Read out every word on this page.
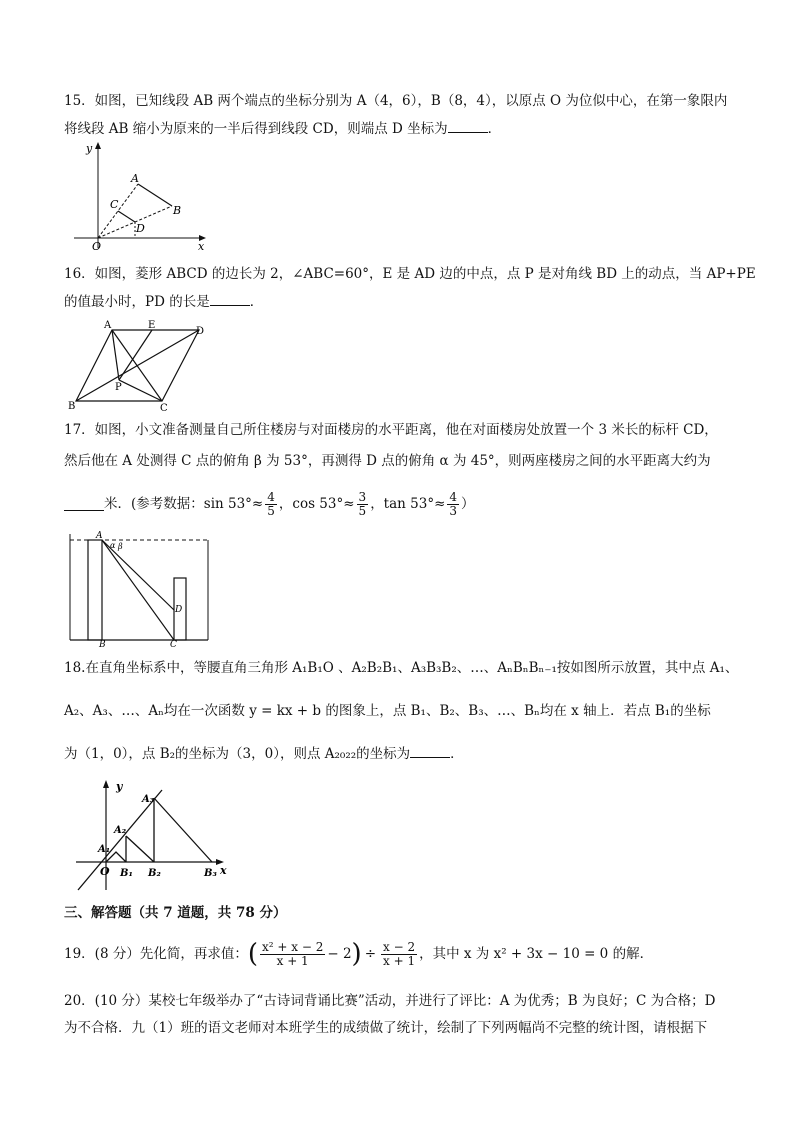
15．如图，已知线段 AB 两个端点的坐标分别为 A（4，6），B（8，4），以原点 O 为位似中心，在第一象限内
将线段 AB 缩小为原来的一半后得到线段 CD，则端点 D 坐标为	．
y
x
O
A
B
C
D
16．如图，菱形 ABCD 的边长为 2，∠ABC=60°，E 是 AD 边的中点，点 P 是对角线 BD 上的动点，当 AP+PE
的值最小时，PD 的长是	．
A	E
D
P
B	C
17．如图，小文准备测量自己所住楼房与对面楼房的水平距离，他在对面楼房处放置一个 3 米长的标杆 CD，
然后他在 A 处测得 C 点的俯角 β 为 53°，再测得 D 点的俯角 α 为 45°，则两座楼房之间的水平距离大约为
米．(参考数据：$\sin 53^\circ\approx \frac{4}{5}$ ，$\cos 53^\circ\approx \frac{3}{5}$ ，$\tan 53^\circ\approx \frac{4}{3}$ ）
A
α β
D
B	C
18.在直角坐标系中，等腰直角三角形 A₁B₁O 、A₂B₂B₁、A₃B₃B₂、…、AₙBₙBₙ₋₁按如图所示放置，其中点 A₁、
A₂、A₃、…、Aₙ均在一次函数 y = kx + b 的图象上，点 B₁、B₂、B₃、…、Bₙ均在 x 轴上．若点 B₁的坐标
为（1，0），点 B₂的坐标为（3，0），则点 A₂₀₂₂的坐标为	．
y
x
O
A₁
A₂
A₃
B₁ B₂	B₃
三、解答题（共 7 道题，共 78 分）
19．(8 分）先化简，再求值： ( $\frac{\text{x² + x − 2}}{x + 1} - 2$ ) ÷ $\frac{x - 2}{x + 1}$ ，其中 x 为 x² + 3x − 10 = 0 的解．
20．(10 分）某校七年级举办了“古诗词背诵比赛”活动，并进行了评比：A 为优秀；B 为良好；C 为合格；D
为不合格．九（1）班的语文老师对本班学生的成绩做了统计，绘制了下列两幅尚不完整的统计图，请根据下
